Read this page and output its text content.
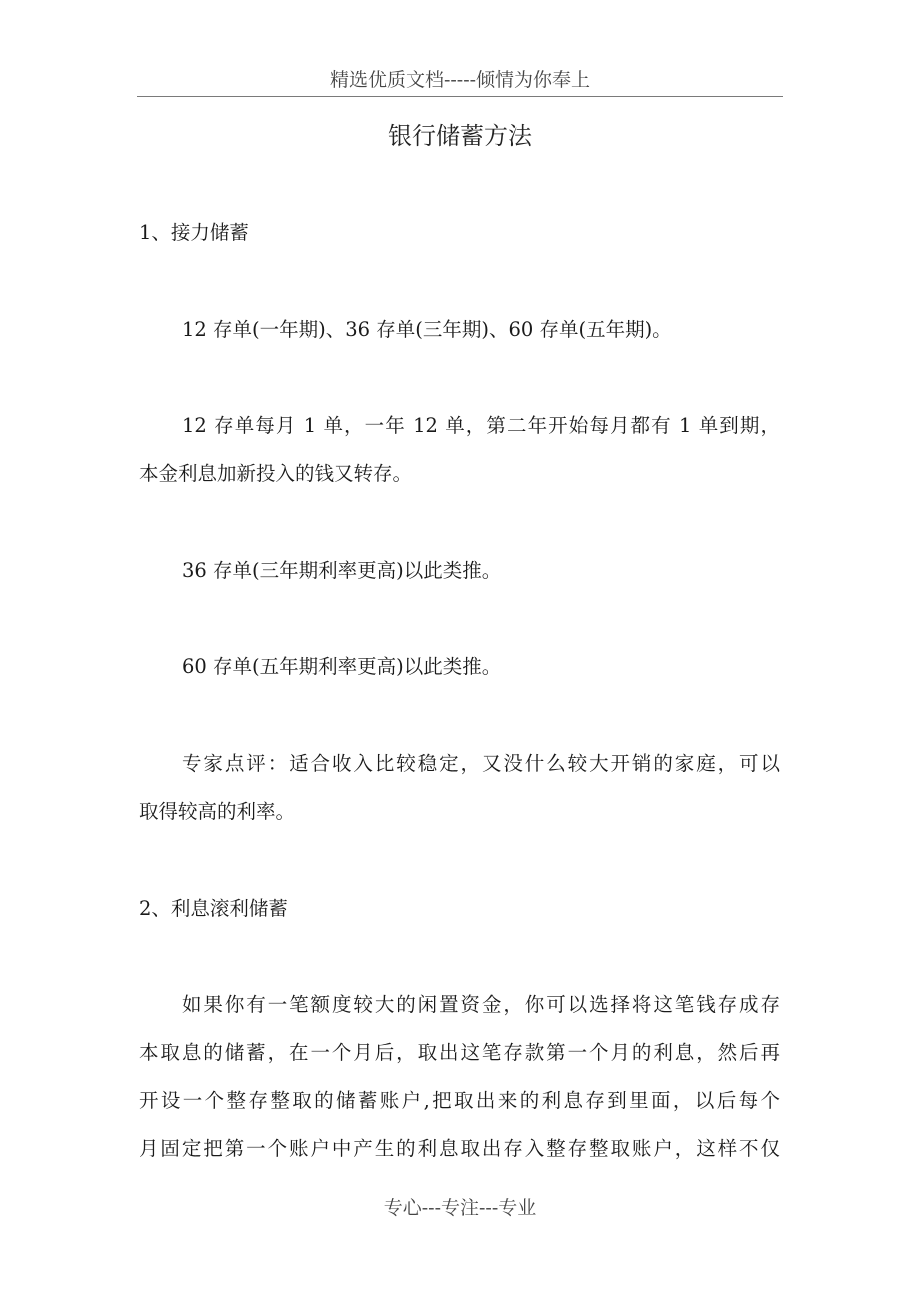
精选优质文档-----倾情为你奉上
银行储蓄方法
1、接力储蓄
12 存单(一年期)、36 存单(三年期)、60 存单(五年期)。
12 存单每月 1 单，一年 12 单，第二年开始每月都有 1 单到期，
本金利息加新投入的钱又转存。
36 存单(三年期利率更高)以此类推。
60 存单(五年期利率更高)以此类推。
专家点评：适合收入比较稳定，又没什么较大开销的家庭，可以
取得较高的利率。
2、利息滚利储蓄
如果你有一笔额度较大的闲置资金，你可以选择将这笔钱存成存
本取息的储蓄，在一个月后，取出这笔存款第一个月的利息，然后再
开设一个整存整取的储蓄账户,把取出来的利息存到里面，以后每个
月固定把第一个账户中产生的利息取出存入整存整取账户，这样不仅
专心---专注---专业
